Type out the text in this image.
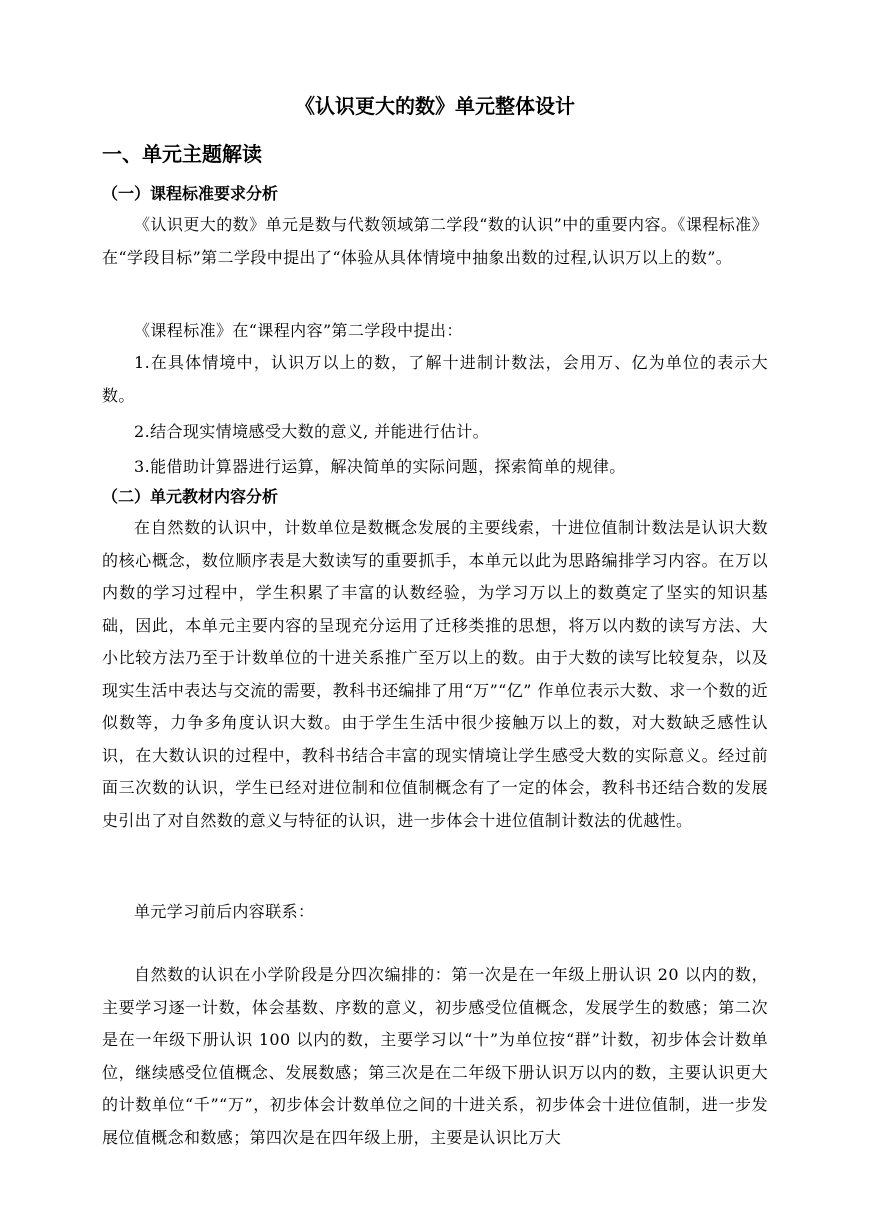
《认识更大的数》单元整体设计
一、单元主题解读
（一）课程标准要求分析
《认识更大的数》单元是数与代数领域第二学段“数的认识”中的重要内容。《课程标准》在“学段目标”第二学段中提出了“体验从具体情境中抽象出数的过程,认识万以上的数”。
《课程标准》在“课程内容”第二学段中提出：
1.在具体情境中，认识万以上的数，了解十进制计数法，会用万、亿为单位的表示大数。
2.结合现实情境感受大数的意义, 并能进行估计。
3.能借助计算器进行运算，解决简单的实际问题，探索简单的规律。
（二）单元教材内容分析
在自然数的认识中，计数单位是数概念发展的主要线索，十进位值制计数法是认识大数的核心概念，数位顺序表是大数读写的重要抓手，本单元以此为思路编排学习内容。在万以内数的学习过程中，学生积累了丰富的认数经验，为学习万以上的数奠定了坚实的知识基础，因此，本单元主要内容的呈现充分运用了迁移类推的思想，将万以内数的读写方法、大小比较方法乃至于计数单位的十进关系推广至万以上的数。由于大数的读写比较复杂，以及现实生活中表达与交流的需要，教科书还编排了用“万”“亿” 作单位表示大数、求一个数的近似数等，力争多角度认识大数。由于学生生活中很少接触万以上的数，对大数缺乏感性认识，在大数认识的过程中，教科书结合丰富的现实情境让学生感受大数的实际意义。经过前面三次数的认识，学生已经对进位制和位值制概念有了一定的体会，教科书还结合数的发展史引出了对自然数的意义与特征的认识，进一步体会十进位值制计数法的优越性。
单元学习前后内容联系：
自然数的认识在小学阶段是分四次编排的：第一次是在一年级上册认识 20 以内的数，主要学习逐一计数，体会基数、序数的意义，初步感受位值概念，发展学生的数感；第二次是在一年级下册认识 100 以内的数，主要学习以“十”为单位按“群”计数，初步体会计数单位，继续感受位值概念、发展数感；第三次是在二年级下册认识万以内的数，主要认识更大的计数单位“千”“万”，初步体会计数单位之间的十进关系，初步体会十进位值制，进一步发展位值概念和数感；第四次是在四年级上册，主要是认识比万大
